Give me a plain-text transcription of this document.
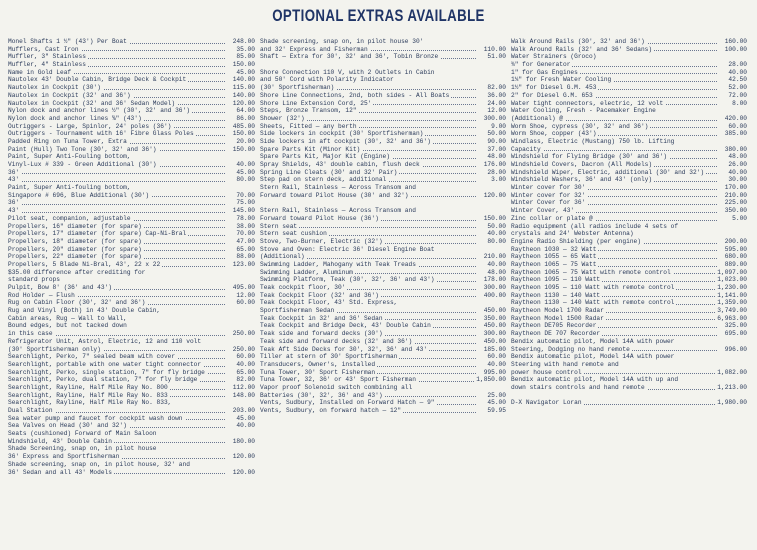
OPTIONAL EXTRAS AVAILABLE
Monel Shafts 1 ½" (43') Per Boat	248.00
Mufflers, Cast Iron	35.00
Muffler, 3" Stainless	85.00
Muffler, 4" Stainless	150.00
Name in Gold Leaf	45.00
Nautolex 43' Double Cabin, Bridge Deck & Cockpit	140.00
Nautolex in Cockpit (30')	115.00
Nautolex in Cockpit (32' and 36')	140.00
Nautolex in Cockpit (32' and 36' Sedan Model)	120.00
Nylon dock and anchor lines ½" (30', 32' and 36')	64.00
Nylon dock and anchor lines ⅝" (43')	86.00
Outriggers - Large, Spinlor, 24' poles (36')	485.00
Outriggers - Tournament with 16' Fibre Glass Poles	150.00
Padded Ring on Tuna Tower, Extra	20.00
Paint (Hull) Two Tone (30', 32' and 36')	150.00
Paint, Super Anti-Fouling bottom,
Vinyl-Lux # 339 - Green Additional (30')	40.00
36'	45.00
43'	80.00
Paint, Super Anti-fouling bottom,
Singapore # 696, Blue Additional (30')	70.00
36'	75.00
43'	145.00
Pilot seat, companion, adjustable	78.00
Propellers, 16" diameter (for spare)	38.00
Propellers, 17" diameter (for spare) Cap-Ni-Bral	70.00
Propellers, 18" diameter (for spare)	47.00
Propellers, 20" diameter (for spare)	65.00
Propellers, 22" diameter (for spare)	88.00
Propellers, 5 Blade Ni-Bral, 43', 22 x 22	123.00
$35.00 difference after crediting for
standard props
Pulpit, Bow 8' (36' and 43')	495.00
Rod Holder — Flush	12.00
Rug on Cabin Floor (30', 32' and 36')	60.00
Rug and Vinyl (Both) in 43' Double Cabin,
Cabin areas, Rug — Wall to Wall,
Bound edges, but not tacked down
in this case	250.00
Refrigerator Unit, Astrol, Electric, 12 and 110 volt
(30' Sportfisherman only)	250.00
Searchlight, Perko, 7" sealed beam with cover	60.00
Searchlight, portable with one water tight connector	40.00
Searchlight, Perko, single station, 7" for fly bridge	65.00
Searchlight, Perko, dual station, 7" for fly bridge	82.00
Searchlight, Rayline, Half Mile Ray No. 800	112.00
Searchlight, Rayline, Half Mile Ray No. 833	148.00
Searchlight, Rayline, Half Mile Ray No. 833,
Dual Station	203.00
Sea water pump and faucet for cockpit wash down	45.00
Sea Valves on Head (30' and 32')	40.00
Seats (cushioned) Forward of Main Saloon
Windshield, 43' Double Cabin	180.00
Shade Screening, snap on, in pilot house
36' Express and Sportfisherman	120.00
Shade screening, snap on, in pilot house, 32' and
36' Sedan and all 43' Models	120.00
Shade screening, snap on, in pilot house 30'
and 32' Express and Fisherman	110.00
Shaft — Extra for 30', 32' and 36', Tobin Bronze	51.00
Shore Connection 110 V, with 2 Outlets in Cabin
and 50' Cord with Polarity Indicator
(30' Sportfisherman)	82.00
Shore Line Connections, 2nd, both sides - All Boats	36.00
Shore Line Extension Cord, 25'	24.00
Steps, Bronze Transom, 12"	12.00
Shower (32')	300.00
Sheets, Fitted — any berth	9.00
Side lockers in cockpit (30' Sportfisherman)	50.00
Side lockers in aft cockpit (30', 32' and 36')	90.00
Spare Parts Kit (Minor Kit)	37.00
Spare Parts Kit, Major Kit (Engine)	48.00
Spray Shields, 43' double cabin, flush deck	176.00
Spring Line Cleats (30' and 32' Pair)	28.00
Step pad on stern deck, additional	3.00
Stern Rail, Stainless — Across Transom and
Forward toward Pilot House (30' and 32')	120.00
Stern Rail, Stainless — Across Transom and
Forward toward Pilot House (36')	150.00
Stern seat	50.00
Stern seat cushion	40.00
Stove, Two-Burner, Electric (32')	80.00
Stove and Oven: Electric 36' Diesel Engine Boat
(Additional)	210.00
Swimming Ladder, Mahogany with Teak Treads	40.00
Swimming Ladder, Aluminum	48.00
Swimming Platform, Teak (30', 32', 36' and 43')	178.00
Teak cockpit floor, 30'	300.00
Teak Cockpit Floor (32' and 36')	400.00
Teak Cockpit Floor, 43' Std. Express,
Sportfisherman Sedan	450.00
Teak Cockpit in 32' and 36' Sedan	350.00
Teak Cockpit and Bridge Deck, 43' Double Cabin	450.00
Teak side and forward decks (30')	300.00
Teak side and forward decks (32' and 36')	450.00
Teak Aft Side Decks for 30', 32', 36' and 43'	185.00
Tiller at stern of 30' Sportfisherman	60.00
Transducers, Owner's, installed	40.00
Tuna Tower, 30' Sport Fisherman	995.00
Tuna Tower, 32, 36' or 43' Sport Fisherman	1,850.00
Vapor proof Solenoid switch combining all
Batteries (30', 32', 36' and 43')	25.00
Vents, Sudbury, Installed on Forward Hatch — 9"	45.00
Vents, Sudbury, on forward hatch — 12"	59.95
Walk Around Rails (30', 32' and 36')	160.00
Walk Around Rails (32' and 36' Sedans)	100.00
Water Strainers (Groco)
¾" for Generator	28.00
1" for Gas Engines	40.00
1¼" for Fresh Water Cooling	42.50
1½" for Diesel G.M. 453	52.00
2" for Diesel G.M. 653	72.00
Water tight connectors, electric, 12 volt	8.00
Water Cooling, Fresh - Pacemaker Engine
(Additional) @	420.00
Worm Shoe, cypress (30', 32' and 36')	60.00
Worm Shoe, copper (43')	385.00
Windlass, Electric (Mustang) 750 lb. Lifting
Capacity	380.00
Windshield for Flying Bridge (30' and 36')	48.00
Windshield Covers, Dacron (All Models)	26.00
Windshield Wiper, Electric, additional (30' and 32')	40.00
Windshield Washers, 36' and 43' (only)	30.00
Winter cover for 30'	170.00
Winter cover for 32'	210.00
Winter Cover for 36'	225.00
Winter Cover, 43'	350.00
Zinc collar or plate @	5.00
Radio equipment (all radios include 4 sets of
crystals and 24' Webster Antenna)
Engine Radio Shielding (per engine)	200.00
Raytheon 1030 — 32 Watt	595.00
Raytheon 1055 — 65 Watt	680.00
Raytheon 1065 — 75 Watt	889.00
Raytheon 1065 — 75 Watt with remote control	1,097.00
Raytheon 1095 — 110 Watt	1,023.00
Raytheon 1095 — 110 Watt with remote control	1,230.00
Raytheon 1130 — 140 Watt	1,141.00
Raytheon 1130 — 140 Watt with remote control	1,359.00
Raytheon Model 1700 Radar	3,749.00
Raytheon Model 1500 Radar	6,963.00
Raytheon DE705 Recorder	325.00
Raytheon DE 707 Recorder	695.00
Bendix automatic pilot, Model 14A with power
Steering, Dodging no hand remote	996.00
Bendix automatic pilot, Model 14A with power
Steering with hand remote and
power house control	1,082.00
Bendix automatic pilot, Model 14A with up and
down stairs controls and hand remote	1,213.00
D-X Navigator Loran	1,980.00
